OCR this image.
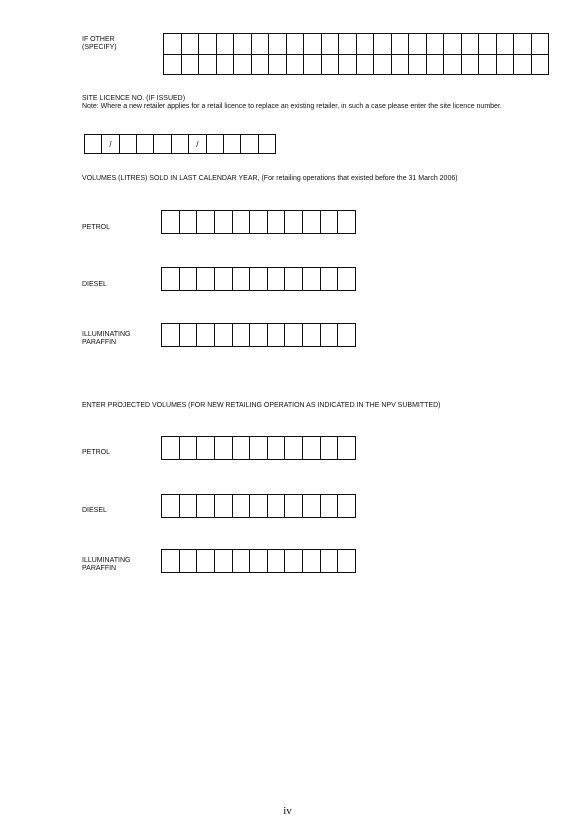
IF OTHER
(SPECIFY)
SITE LICENCE NO. (IF ISSUED)
Note: Where a new retailer applies for a retail licence to replace an existing retailer, in such a case please enter the site licence number.
/	/
VOLUMES (LITRES) SOLD IN LAST CALENDAR YEAR, (For retailing operations that existed before the 31 March 2006)
PETROL
DIESEL
ILLUMINATING
PARAFFIN
ENTER PROJECTED VOLUMES (FOR NEW RETAILING OPERATION AS INDICATED IN THE NPV SUBMITTED)
PETROL
DIESEL
ILLUMINATING
PARAFFIN
iv
